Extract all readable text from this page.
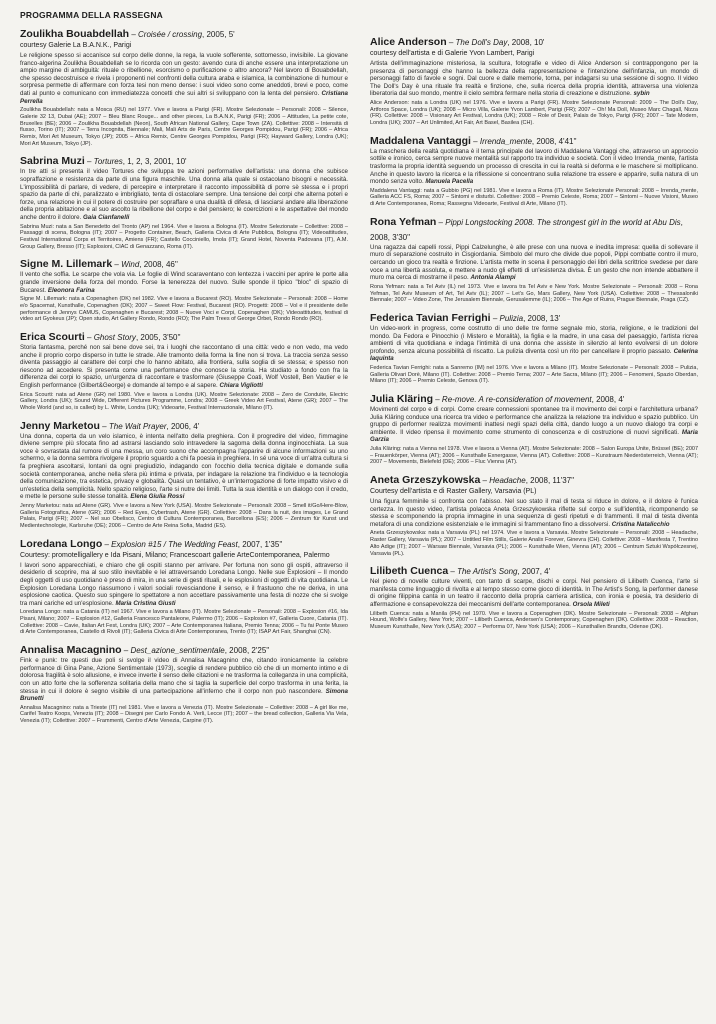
PROGRAMMA DELLA RASSEGNA
Zoulikha Bouabdellah – Croisée / crossing, 2005, 5'

courtesy Galerie La B.A.N.K., Parigi

Le religione spesso si accanisce sul corpo delle donne, la rega, la vuole sofferente, sottomesso, invisibile. La giovane franco-algerina Zoulikha Bouabdellah se lo ricorda con un gesto: avendo cura di anche essere una interpretazione un ampio margine di ambiguità: rituale o ribellione, esorcismo o purificazione o altro ancora? Nel lavoro di Bouabdellah, che spesso decostruisce e rivela i proponenti nel confronti della cultura araba e islamica, la combinazione di humour e sorpresa permette di affermare con forza tesi non meno dense: i suoi video sono come aneddoti, brevi e poco, come dati al punto e comunicano con immediatezza concetti che sui altri si sviluppano con la lenta del pensiero. Cristiana Perrella

Zoulikha Bouabdellah: nata a Mosca (RU) nel 1977. Vive e lavora a Parigi (FR). Mostre Selezionate – Personali: 2008 – Silence, Galerie 32 13, Dubai (AE); 2007 – Bleu Blanc Rouge... and other pieces, La B.A.N.K, Parigi (FR); 2006 – Attitudes, La petite cote, Bruxelles (BE); 2006 – Zoulikha Bouabdellah (Neon), South African National Gallery, Cape Town (ZA). Collettive: 2008 – Intensità di flusso, Torino (IT); 2007 – Terra Incognita, Biennale; Mali, Mali Arts de Paris, Centre Georges Pompidou, Parigi (FR); 2006 – Africa Remix, Mori Art Museum, Tokyo (JP); 2005 – Africa Remix, Centre Georges Pompidou, Parigi (FR); Hayward Gallery, Londra (UK); Mori Art Museum, Tokyo (JP).

Sabrina Muzi – Tortures, 1, 2, 3, 2001, 10'

In tre atti si presenta il video Tortures che sviluppa tre azioni performative dell'artista: una donna che subisce sopraffazione e resistenza da parte di una figura maschile. Una donna alla quale si ostacolano bisogni e necessità. L'impossibilità di parlare, di vedere, di percepire e interpretare il racconto impossibilità di porre sè stessa e i propri spazio da parte di chi, paralizzato e imbrigliato, tenta di ostacolare sempre. Una tensione dei corpi che alterna poteri e forze, una relazione in cui il potere di costruire per sopraffare e una dualità di difesa, di lasciarsi andare alla liberazione della propria abitazione e al suo ascolto la ribellione del corpo e del pensiero; le coercizioni e le aspettative del mondo anche dentro il dolore. Gaia Cianfanelli

Sabrina Muzi: nata a San Benedetto del Tronto (AP) nel 1964. Vive e lavora a Bologna (IT). Mostre Selezionate – Collettive: 2008 – Passaggi di scena, Bologna (IT); 2007 – Progetto Container, Beach, Galleria Civica di Arte Pubblica, Bologna (IT); Videoattitudes, Festival International Corps et Territoires, Amiens (FR); Castello Cocciniello, Imola (IT); Grand Hotel, Noventa Padovana (IT), A.M. Group Gallery, Bresso (IT); Esplosioni, CIAC di Genazzano, Roma (IT).

Signe M. Lillemark – Wind, 2008, 46''

Il vento che soffia. Le scarpe che vola via. Le foglie di Wind scaraventano con lentezza i vaccini per aprire le porte alla grande inversione della forza del mondo. Forse la tenerezza del nuovo. Sulle sponde il tipico "bloc" di spazio di Bucarest. Eleonora Farina

Signe M. Lillemark: nata a Copenaghen (DK) nel 1982. Vive e lavora a Bucarest (RO). Mostre Selezionate – Personali: 2008 – Home e/o Spacemat, Kunsthalle, Copenaghen (DK); 2007 – Sweet Flow: Festival, Bucarest (RO). Progetti: 2008 – Vol e il presidente delle performance di Jennys CAMUS, Copenaghen e Bucarest; 2008 – Nuove Voci e Corpi, Copenaghen (DK); Videoattitudes, festival di video art Gyokeus (JP); Open studio, Art Gallery Rondo, Rondo (RO); The Palm Trees of George Orbet, Rondo Rondo (RO).

Erica Scourti – Ghost Story, 2005, 3'50''

Storia fantasma, perché non sai bene dove sei, tra i luoghi che raccontano di una città: vedo e non vedo, ma vedo anche il proprio corpo disperso in tutte le strade. Alle tramonto della forma la fine non si trova. La traccia senza sesso diventa passaggio al carattere dei corpi che lo hanno abitato, alla frontiera, sulla soglia di se stessa; e spesso non riescono ad accedere. Si presenta come una performance che conosce la storia. Ha studiato a fondo con fra la differenza dei corpi lo spazio, un'urgenza di raccontare e trasformare (Giuseppe Coati, Wolf Vostell, Ben Vautier e le English performance (Gilbert&George) e domande al tempo e al sapere. Chiara Vigliotti

Erica Scourti: nata ad Atene (GR) nel 1980. Vive e lavora a Londra (UK). Mostre Selezionate: 2008 – Zero de Conduite, Electric Gallery, Londra (UK); Sound Wide, Different Pictures Programme, Londra; 2008 – Greek Video Art Festival, Atene (GR); 2007 – The Whole World (and so, is called) by L. White, Londra (UK); Videoarte, Festival Internazionale, Milano (IT).

Jenny Marketou – The Wait Prayer, 2006, 4'

Una donna, coperta da un velo islamico, è intenta nell'atto della preghiera. Con il progredire del video, l'immagine diviene sempre più sfocata fino ad astrarsi lasciando solo intravedere la sagoma della donna inginocchiata. La sua voce è sovrastata dal rumore di una messa, un coro suono che accompagna l'apparire di alcune informazioni su uno schermo, e la donna sembra rivolgere il proprio sguardo a chi fa poesia in preghiera. In sé una voce di un'altra cultura si fa preghiera ascoltarsi, lontani da ogni pregiudizio, indagando con l'occhio della tecnica digitale e domande sulla società contemporanea, anche nella sfera più intima e privata, per indagare la relazione tra l'individuo e la tecnologia della comunicazione, tra estetica, privacy e globalità. Quasi un tentativo, è un'interrogazione di forte impatto visivo e di un'estetica della semplicità. Nello spazio religioso, l'arte si nutre dei limiti. Tutta la sua identità e un dialogo con il credo, e mette le persone sulle stesse tonalità. Elena Giulia Rossi

Jenny Marketou: nata ad Atene (GR). Vive e lavora a New York (USA). Mostre Selezionate – Personali: 2008 – Smell it/Go/Here-Blow, Galleria Fotografica, Atene (GR); 2006 – Red Eyes, Cybertrash, Atene (GR). Collettive: 2008 – Dans la nuit, des images, Le Grand Palais, Parigi (FR); 2007 – Nel suo Obelisco, Centro di Cultura Contemporanea, Barcellona (ES); 2006 – Zentrum für Kunst und Medientechnologie, Karlsruhe (DE); 2006 – Centro de Arte Reina Sofia, Madrid (ES).

Loredana Longo – Explosion #15 / The Wedding Feast, 2007, 1'35''

Courtesy: promotelligallery e Ida Pisani, Milano; Francescoart gallerie ArteContemporanea, Palermo

I lavori sono apparecchiati, e chiaro che gli ospiti stanno per arrivare. Per fortuna non sono gli ospiti, attraverso il desiderio di scoprire, ma al suo stilo inevitabile e lei attraversando Loredana Longo. Nelle sue Explosioni – Il mondo degli oggetti di uso quotidiano è preso di mira, in una serie di gesti rituali, e le esplosioni di oggetti di vita quotidiana. Le Explosion Loredana Longo riassumono i valori sociali rovesciandone il senso, e il frastuono che ne deriva, in una esplosione caotica. Questo suo spingere lo spettatore a non accettare passivamente una festa di nozze che si svolge tra mani cariche ed un'esplosione. Maria Cristina Giusti

Loredana Longo: nata a Catania (IT) nel 1967. Vive e lavora a Milano (IT). Mostre Selezionate – Personali: 2008 – Explosion #16, Ida Pisani, Milano; 2007 – Explosion #12, Galleria Francesco Pantaleone, Palermo (IT); 2006 – Explosion #7, Galleria Cuore, Catania (IT). Collettive: 2008 – Cavie, Italian Art Fest, Londra (UK); 2007 – Arte Contemporanea Italiana, Premio Tenna; 2006 – Tu fai Ponte Museo di Arte Contemporanea, Castello di Rivoli (IT); Galleria Civica di Arte Contemporanea, Trento (IT); ISAP Art Fair, Shanghai (CN).

Annalisa Macagnino – Dest_azione_sentimentale, 2008, 2'25''

Fink e punk: tre questi due poli si svolge il video di Annalisa Macagnino che, citando ironicamente la celebre performance di Gina Pane, Azione Sentimentale (1973), sceglie di rendere pubblico ciò che di un momento intimo e di dolorosa fragilità è solo allusione, e invece inverte il senso delle citazioni e ne trasforma la colleganza in una complicità, con un atto forte che la sofferenza solitaria della mano che si taglia la superficie del corpo trasforma in una ferita, la stessa in cui il dolore è segno visibile di una partecipazione all'inferno che il corpo non può nascondere. Simona Brunetti

Annalisa Macagnino: nata a Trieste (IT) nel 1981. Vive e lavora a Venezia (IT). Mostre Selezionate – Collettive: 2008 – A girl like me, Carifel Teatro Koops, Venezia (IT); 2008 – Disegni per Carlo Fondo A. Verli, Lecce (IT); 2007 – the bread collection, Galleria Via Vela, Venezia (IT); Collettive: 2007 – Frammenti, Centro d'Arte Venezia, Carpine (IT).

Alice Anderson – The Doll's Day, 2008, 10'

courtesy dell'artista e di Galerie Yvon Lambert, Parigi

Artista dell'immaginazione misteriosa, la scultura, fotografie e video di Alice Anderson si contrappongono per la presenza di personaggi che hanno la bellezza della rappresentazione e l'intenzione dell'infanzia, un mondo di personaggi fatto di favole e sogni. Dal cuore e dalle memorie, torna, per indagarsi su una sessione di sogno. Il video The Doll's Day è una rituale fra realtà e finzione, che, sulla ricerca della propria identità, attraversa una violenza liberatoria dal suo mondo, mentre il cielo sembra fermare nella storia di creazione e distruzione. sybin

Alice Anderson: nata a Londra (UK) nel 1976. Vive e lavora a Parigi (FR). Mostre Selezionate Personali: 2009 – The Doll's Day, Artforos Space, Londra (UK); 2008 – Micro Villa, Galerie Yvon Lambert, Parigi (FR); 2007 – Oh! Ma Doll, Museo Marc Chagall, Nizza (FR). Collettive: 2008 – Visionary Art Festival, Londra (UK); 2008 – Role of Desir, Palais de Tokyo, Parigi (FR); 2007 – Tate Modern, Londra (UK); 2007 – Art Unlimited, Art Fair, Art Basel, Basilea (CH).

Maddalena Vantaggi – Irrenda_mente, 2008, 4'41''

La maschera della realtà quotidiana è il tema principale del lavoro di Maddalena Vantaggi che, attraverso un approccio sottile e ironico, cerca sempre nuove mentalità sul rapporto tra individuo e società. Con il video Irrenda_mente, l'artista trasforma la propria identità seguendo un processo di crescita in cui la realtà si deforma e le maschere si moltiplicano. Anche in questo lavoro la ricerca e la riflessione si concentrano sulla relazione tra essere e apparire, sulla natura di un mondo senza volto. Manuela Pacella

Maddalena Vantaggi: nata a Gubbio (PG) nel 1981. Vive e lavora a Roma (IT). Mostre Selezionate Personali: 2008 – Irrenda_mente, Galleria ACC FS, Roma; 2007 – Sintomi e disturbi. Collettive: 2008 – Premio Celeste, Roma; 2007 – Sintomi – Nuove Visioni, Museo di Arte Contemporanea, Roma; Rassegna Videoarte, Festival di Arte, Milano (IT).

Rona Yefman – Pippi Longstocking 2008. The strongest girl in the world at Abu Dis, 2008, 3'30''

Una ragazza dai capelli rossi, Pippi Calzelunghe, è alle prese con una nuova e inedita impresa: quella di sollevare il muro di separazione costruito in Cisgiordania. Simbolo del muro che divide due popoli, Pippi combatte contro il muro, cercando un gioco tra realtà e finzione. L'artista mette in scena il personaggio dei libri della scrittrice svedese per dare voce a una libertà assoluta, e mettere a nudo gli effetti di un'esistenza divisa. È un gesto che non intende abbattere il muro ma cerca di mostrarne il peso. Antonia Alampi

Rona Yefman: nata a Tel Aviv (IL) nel 1973. Vive e lavora tra Tel Aviv e New York. Mostre Selezionate – Personali: 2008 – Rona Yefman, Tel Aviv Museum of Art, Tel Aviv (IL); 2007 – Let's Go, Mars Gallery, New York (USA). Collettive: 2008 – Thessaloniki Biennale; 2007 – Video Zone, The Jerusalem Biennale, Gerusalemme (IL); 2006 – The Age of Ruins, Prague Biennale, Praga (CZ).

Federica Tavian Ferrighi – Pulizia, 2008, 13'

Un video-work in progress, come costrutto di uno delle tre forme segnale mio, storia, religione, e le tradizioni del mondo. Da Fedora e Pinocchio (i Mistero e Moralità), la figlia e la madre, in una casa del paesaggio, l'artista ricrea ambienti di vita quotidiana e indaga l'intimità di una donna che assiste in silenzio al lento evolversi di un dolore profondo, senza alcuna possibilità di riscatto. La pulizia diventa così un rito per cancellare il proprio passato. Celerina Iaquinta

Federica Tavian Ferrighi: nata a Sanremo (IM) nel 1976. Vive e lavora a Milano (IT). Mostre Selezionate – Personali: 2008 – Pulizia, Galleria Olivari Dorè, Milano (IT). Collettive: 2008 – Premio Terna; 2007 – Arte Sacra, Milano (IT); 2006 – Fenomeni, Spazio Oberdan, Milano (IT); 2006 – Premio Celeste, Genova (IT).

Julia Kläring – Re-move. A re-consideration of movement, 2008, 4'

Movimenti del corpo e di corpi. Come creare connessioni spontanee tra il movimento dei corpi e l'architettura urbana? Julia Kläring conduce una ricerca tra video e performance che analizza la relazione tra individuo e spazio pubblico. Un gruppo di performer realizza movimenti inattesi negli spazi della città, dando luogo a un nuovo dialogo tra corpi e ambiente. Il video ripensa il movimento come strumento di conoscenza e di costruzione di nuovi significati. Maria Garzia

Julia Kläring: nata a Vienna nel 1978. Vive e lavora a Vienna (AT). Mostre Selezionate: 2008 – Salon Europa Unite, Brüssel (BE); 2007 – Frauenkörper, Vienna (AT); 2006 – Kunsthalle Exnergasse, Vienna (AT). Collettive: 2008 – Kunstraum Niederösterreich, Vienna (AT); 2007 – Movements, Bielefeld (DE); 2006 – Fluc Vienna (AT).

Aneta Grzeszykowska – Headache, 2008, 11'37''

Courtesy dell'artista e di Raster Gallery, Varsavia (PL)

Una figura femminile si confronta con l'abisso. Nel suo stato il mal di testa si riduce in dolore, e il dolore è l'unica certezza. In questo video, l'artista polacca Aneta Grzeszykowska riflette sul corpo e sull'identità, ricomponendo se stessa e scomponendo la propria immagine in una sequenza di gesti ripetuti e di frammenti. Il mal di testa diventa metafora di una condizione esistenziale e le immagini si frammentano fino a dissolversi. Cristina Natalicchio

Aneta Grzeszykowska: nata a Varsavia (PL) nel 1974. Vive e lavora a Varsavia. Mostre Selezionate – Personali: 2008 – Headache, Raster Gallery, Varsavia (PL); 2007 – Untitled Film Stills, Galerie Analix Forever, Ginevra (CH). Collettive: 2008 – Manifesta 7, Trentino Alto Adige (IT); 2007 – Warsaw Biennale, Varsavia (PL); 2006 – Kunsthalle Wien, Vienna (AT); 2006 – Centrum Sztuki Współczesnej, Varsavia (PL).

Lilibeth Cuenca – The Artist's Song, 2007, 4'

Nel pieno di novelle culture viventi, con tanto di scarpe, dischi e corpi. Nel pensiero di Lilibeth Cuenca, l'arte si manifesta come linguaggio di rivolta e al tempo stesso come gioco di identità. In The Artist's Song, la performer danese di origine filippina canta in un teatro il racconto della propria carriera artistica, con ironia e poesia, tra desiderio di affermazione e consapevolezza dei meccanismi dell'arte contemporanea. Orsola Mileti

Lilibeth Cuenca: nata a Manila (PH) nel 1970. Vive e lavora a Copenaghen (DK). Mostre Selezionate – Personali: 2008 – Afghan Hound, Wolfe's Gallery, New York; 2007 – Lilibeth Cuenca, Andersen's Contemporary, Copenaghen (DK). Collettive: 2008 – Reaction, Museum Kunsthalle, New York (USA); 2007 – Performa 07, New York (USA); 2006 – Kunsthallen Brandts, Odense (DK).
